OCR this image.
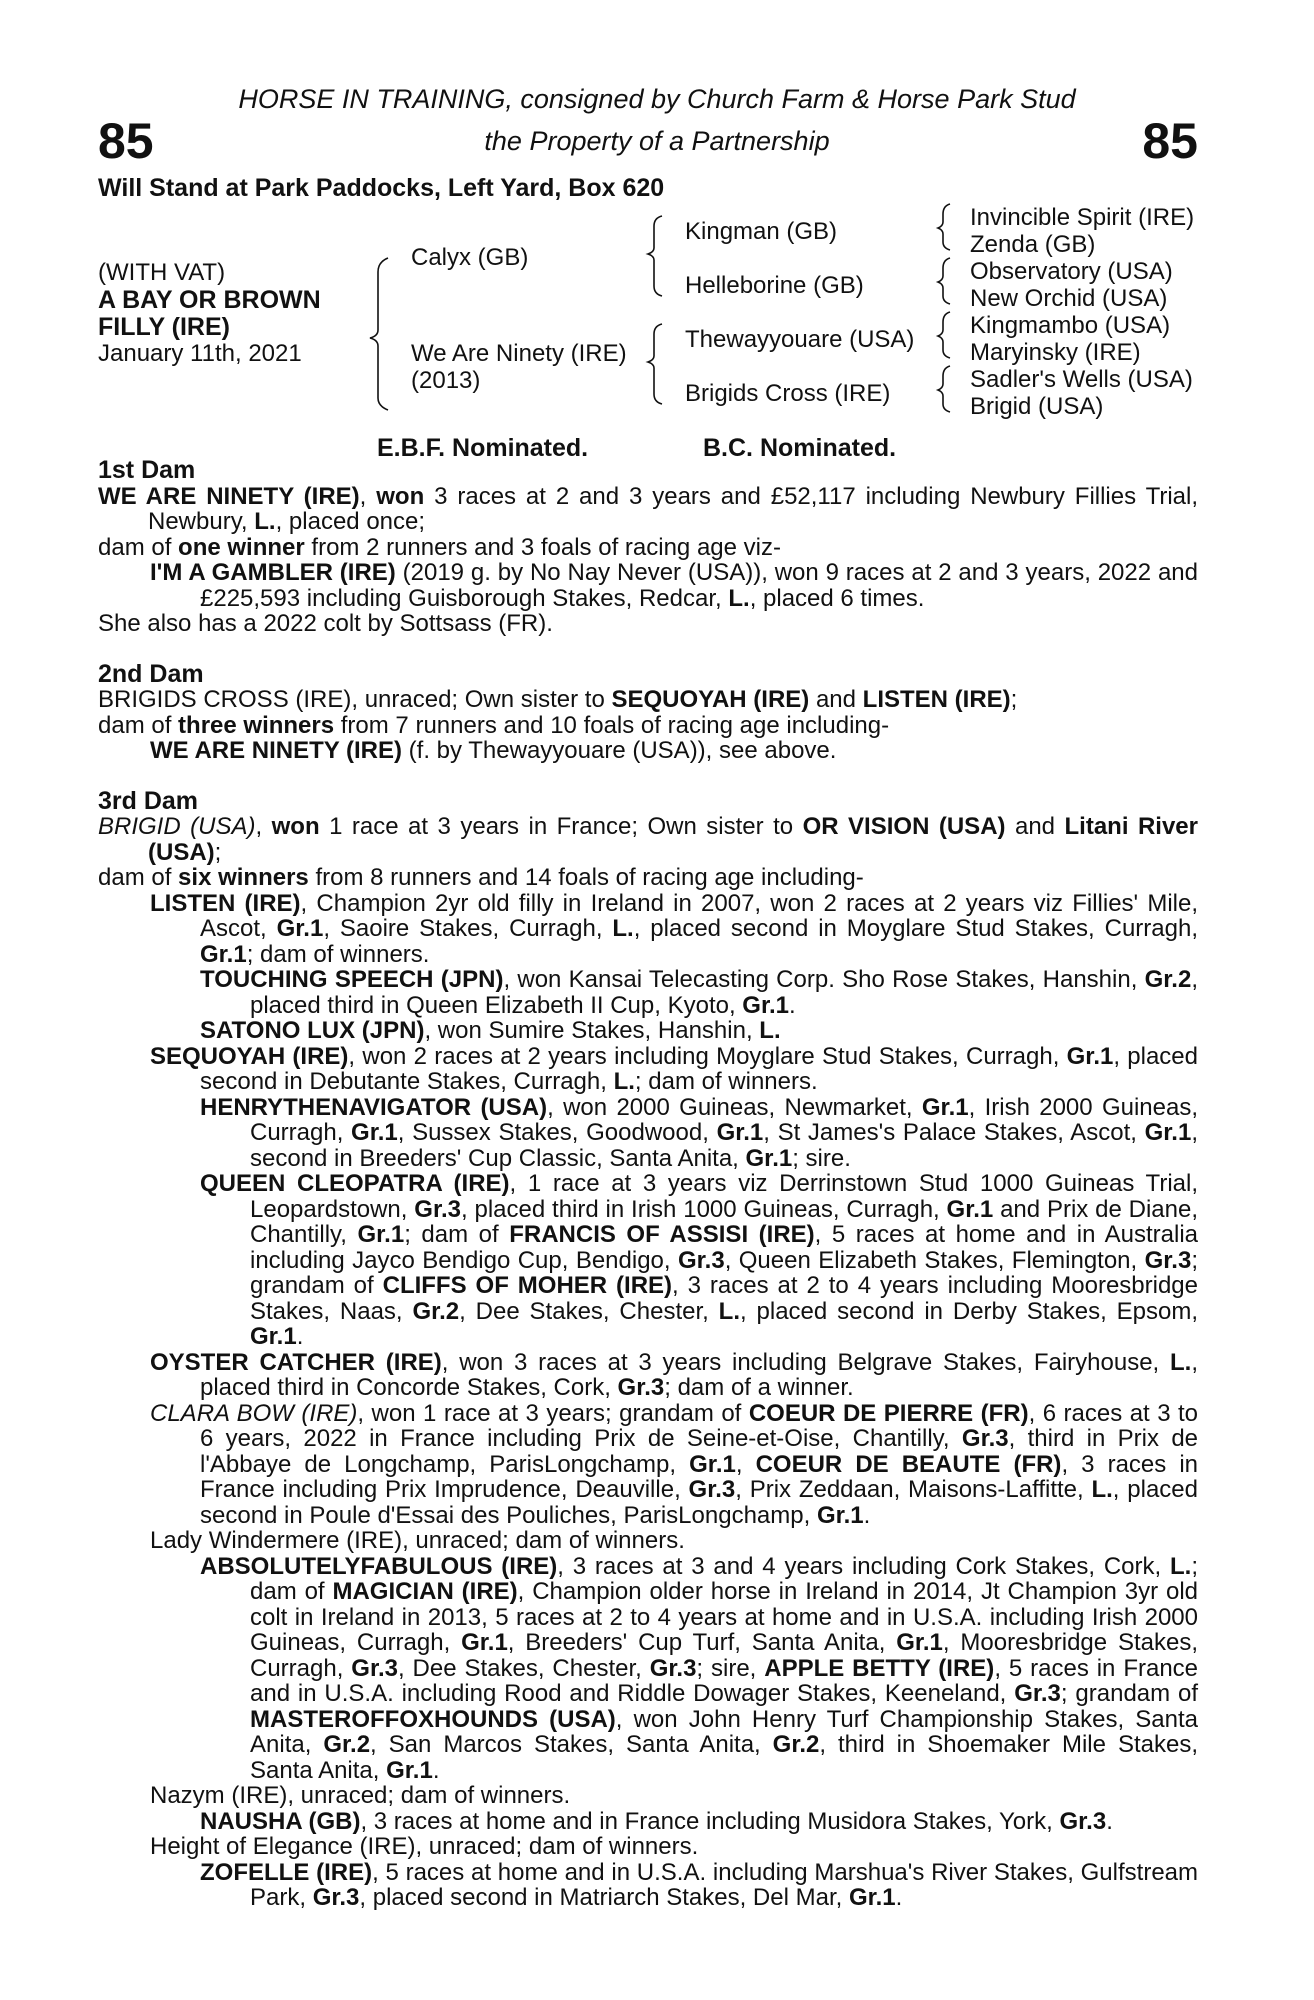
85	85
HORSE IN TRAINING, consigned by Church Farm & Horse Park Stud
the Property of a Partnership
Will Stand at Park Paddocks, Left Yard, Box 620
(WITH VAT)
A BAY OR BROWN
FILLY (IRE)
January 11th, 2021
Calyx (GB)
We Are Ninety (IRE)
(2013)
Kingman (GB)
Helleborine (GB)
Thewayyouare (USA)
Brigids Cross (IRE)
Invincible Spirit (IRE)
Zenda (GB)
Observatory (USA)
New Orchid (USA)
Kingmambo (USA)
Maryinsky (IRE)
Sadler's Wells (USA)
Brigid (USA)
E.B.F. Nominated.	B.C. Nominated.

1st Dam

WE ARE NINETY (IRE), won 3 races at 2 and 3 years and £52,117 including Newbury Fillies Trial, Newbury, L., placed once;

dam of one winner from 2 runners and 3 foals of racing age viz-

I'M A GAMBLER (IRE) (2019 g. by No Nay Never (USA)), won 9 races at 2 and 3 years, 2022 and £225,593 including Guisborough Stakes, Redcar, L., placed 6 times.

She also has a 2022 colt by Sottsass (FR).

2nd Dam

BRIGIDS CROSS (IRE), unraced; Own sister to SEQUOYAH (IRE) and LISTEN (IRE);

dam of three winners from 7 runners and 10 foals of racing age including-

WE ARE NINETY (IRE) (f. by Thewayyouare (USA)), see above.

3rd Dam

BRIGID (USA), won 1 race at 3 years in France; Own sister to OR VISION (USA) and Litani River (USA);

dam of six winners from 8 runners and 14 foals of racing age including-

LISTEN (IRE), Champion 2yr old filly in Ireland in 2007, won 2 races at 2 years viz Fillies' Mile, Ascot, Gr.1, Saoire Stakes, Curragh, L., placed second in Moyglare Stud Stakes, Curragh, Gr.1; dam of winners.

TOUCHING SPEECH (JPN), won Kansai Telecasting Corp. Sho Rose Stakes, Hanshin, Gr.2, placed third in Queen Elizabeth II Cup, Kyoto, Gr.1.

SATONO LUX (JPN), won Sumire Stakes, Hanshin, L.

SEQUOYAH (IRE), won 2 races at 2 years including Moyglare Stud Stakes, Curragh, Gr.1, placed second in Debutante Stakes, Curragh, L.; dam of winners.

HENRYTHENAVIGATOR (USA), won 2000 Guineas, Newmarket, Gr.1, Irish 2000 Guineas, Curragh, Gr.1, Sussex Stakes, Goodwood, Gr.1, St James's Palace Stakes, Ascot, Gr.1, second in Breeders' Cup Classic, Santa Anita, Gr.1; sire.

QUEEN CLEOPATRA (IRE), 1 race at 3 years viz Derrinstown Stud 1000 Guineas Trial, Leopardstown, Gr.3, placed third in Irish 1000 Guineas, Curragh, Gr.1 and Prix de Diane, Chantilly, Gr.1; dam of FRANCIS OF ASSISI (IRE), 5 races at home and in Australia including Jayco Bendigo Cup, Bendigo, Gr.3, Queen Elizabeth Stakes, Flemington, Gr.3; grandam of CLIFFS OF MOHER (IRE), 3 races at 2 to 4 years including Mooresbridge Stakes, Naas, Gr.2, Dee Stakes, Chester, L., placed second in Derby Stakes, Epsom, Gr.1.

OYSTER CATCHER (IRE), won 3 races at 3 years including Belgrave Stakes, Fairyhouse, L., placed third in Concorde Stakes, Cork, Gr.3; dam of a winner.

CLARA BOW (IRE), won 1 race at 3 years; grandam of COEUR DE PIERRE (FR), 6 races at 3 to 6 years, 2022 in France including Prix de Seine-et-Oise, Chantilly, Gr.3, third in Prix de l'Abbaye de Longchamp, ParisLongchamp, Gr.1, COEUR DE BEAUTE (FR), 3 races in France including Prix Imprudence, Deauville, Gr.3, Prix Zeddaan, Maisons-Laffitte, L., placed second in Poule d'Essai des Pouliches, ParisLongchamp, Gr.1.

Lady Windermere (IRE), unraced; dam of winners.

ABSOLUTELYFABULOUS (IRE), 3 races at 3 and 4 years including Cork Stakes, Cork, L.; dam of MAGICIAN (IRE), Champion older horse in Ireland in 2014, Jt Champion 3yr old colt in Ireland in 2013, 5 races at 2 to 4 years at home and in U.S.A. including Irish 2000 Guineas, Curragh, Gr.1, Breeders' Cup Turf, Santa Anita, Gr.1, Mooresbridge Stakes, Curragh, Gr.3, Dee Stakes, Chester, Gr.3; sire, APPLE BETTY (IRE), 5 races in France and in U.S.A. including Rood and Riddle Dowager Stakes, Keeneland, Gr.3; grandam of MASTEROFFOXHOUNDS (USA), won John Henry Turf Championship Stakes, Santa Anita, Gr.2, San Marcos Stakes, Santa Anita, Gr.2, third in Shoemaker Mile Stakes, Santa Anita, Gr.1.

Nazym (IRE), unraced; dam of winners.

NAUSHA (GB), 3 races at home and in France including Musidora Stakes, York, Gr.3.

Height of Elegance (IRE), unraced; dam of winners.

ZOFELLE (IRE), 5 races at home and in U.S.A. including Marshua's River Stakes, Gulfstream Park, Gr.3, placed second in Matriarch Stakes, Del Mar, Gr.1.
